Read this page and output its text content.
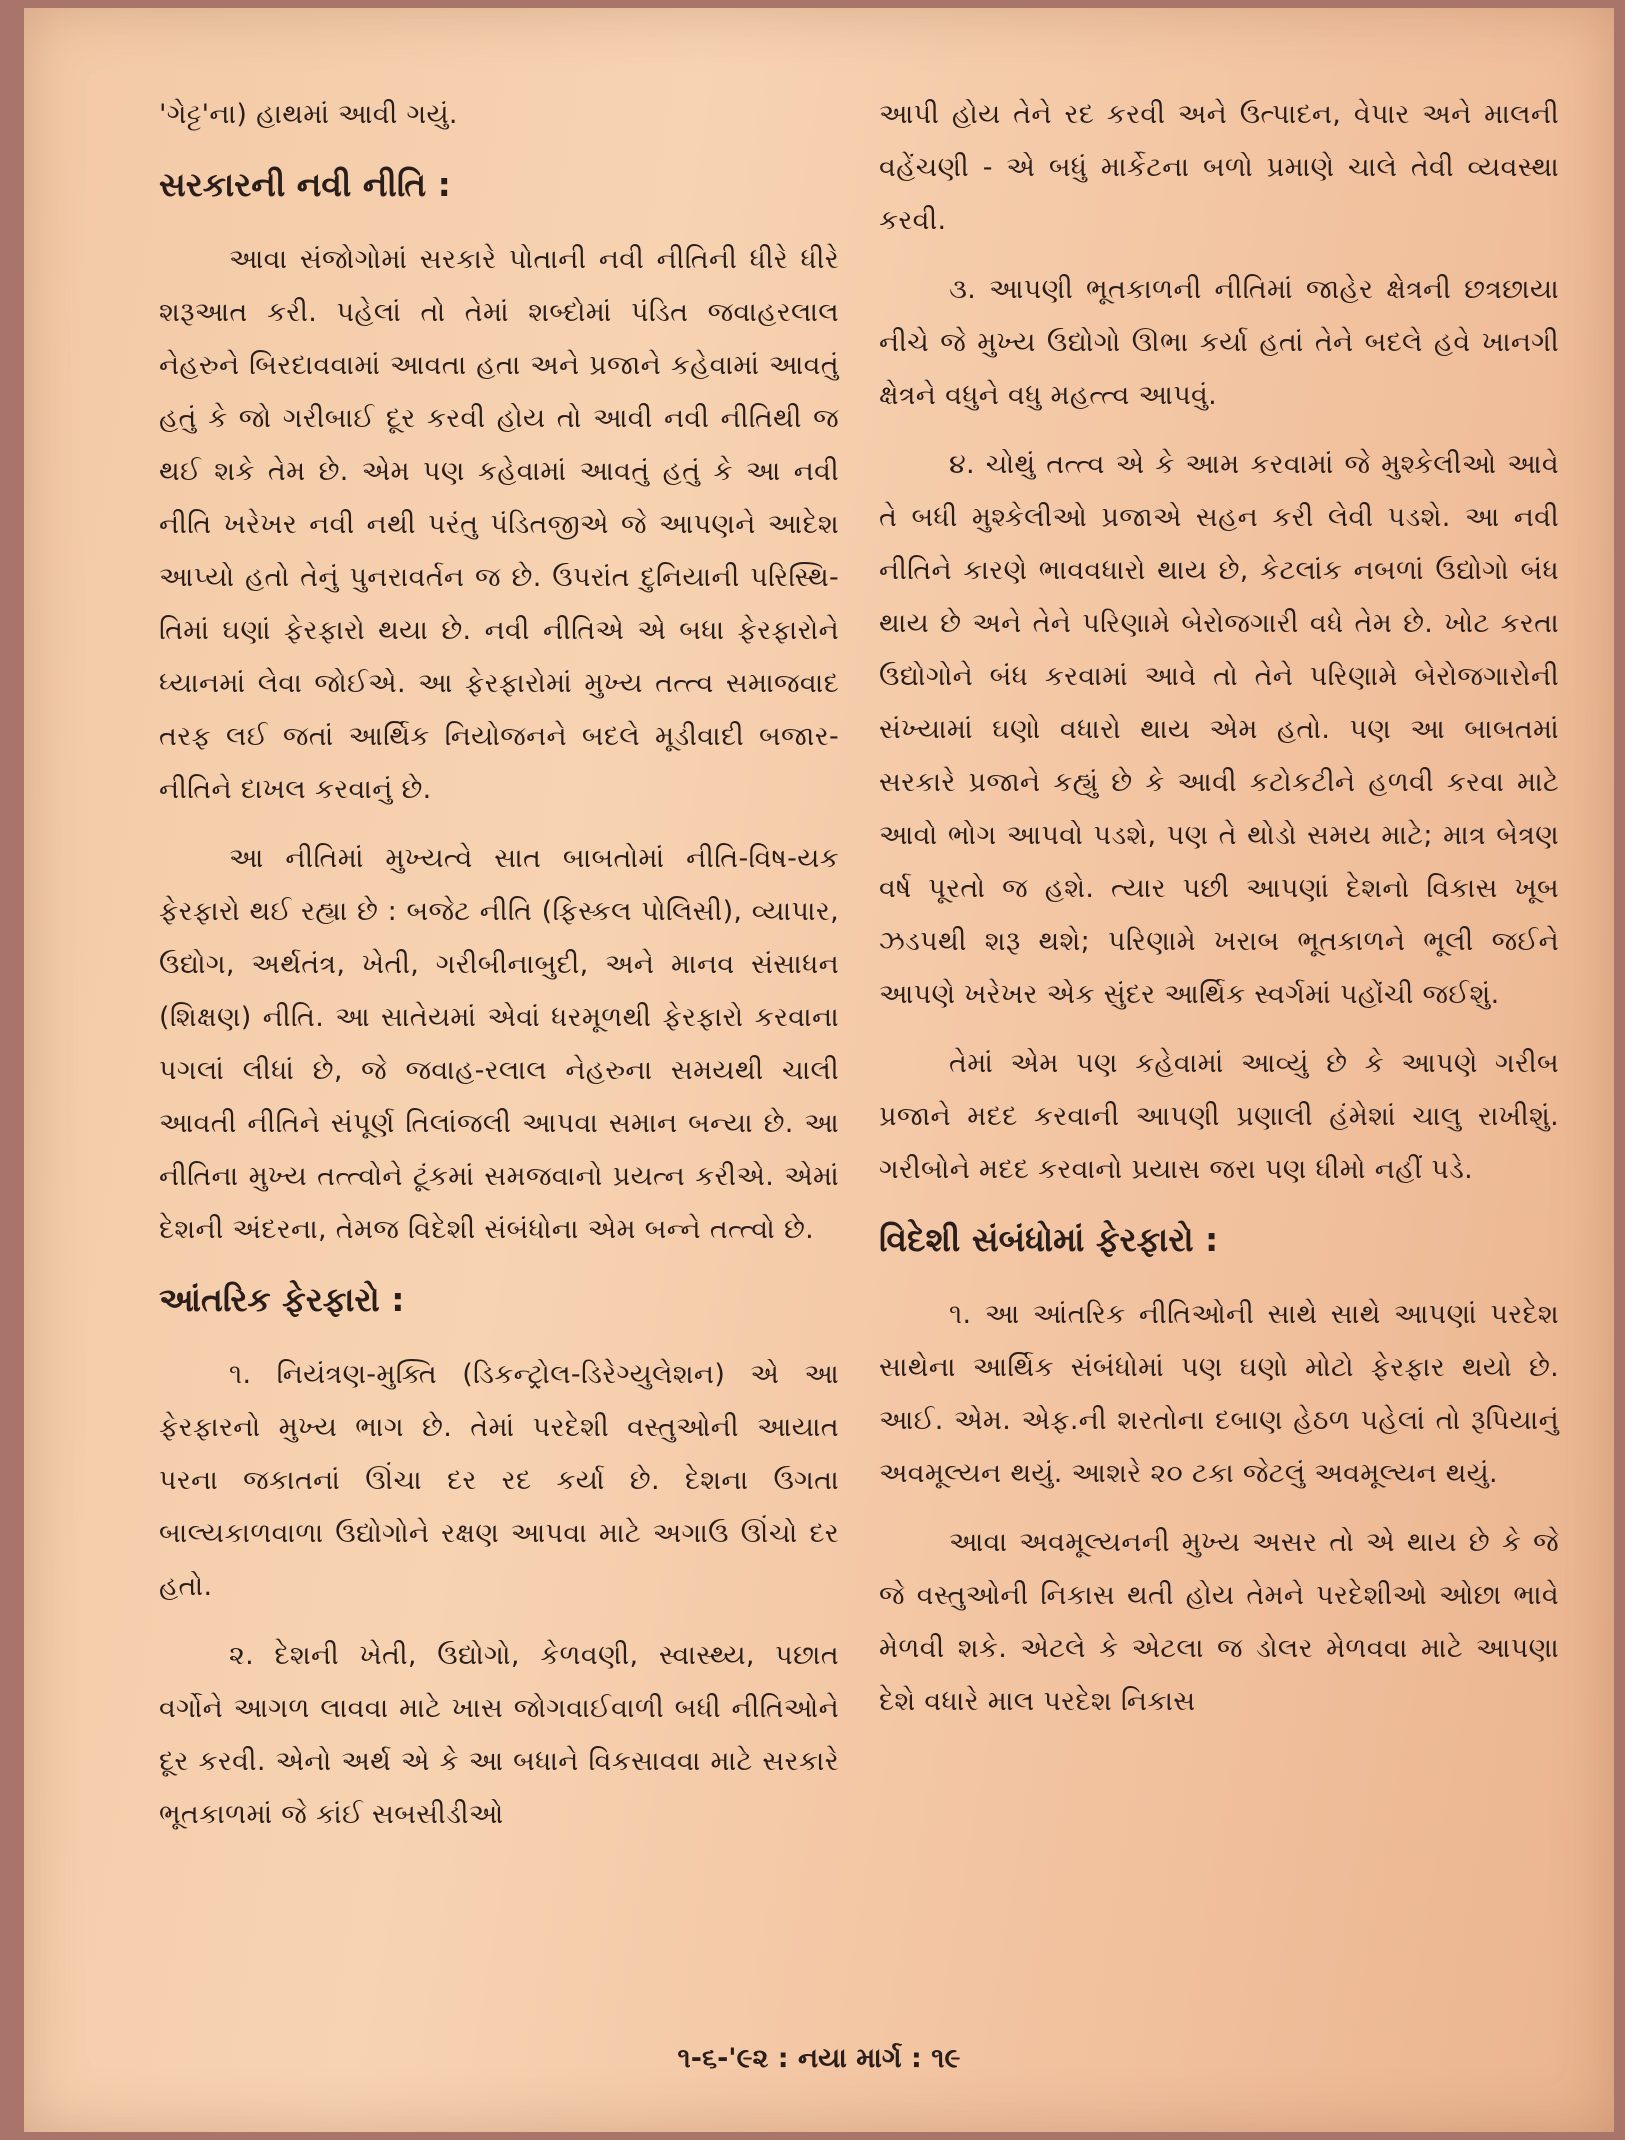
'ગેટ્ટ'ના) હાથમાં આવી ગયું.

સરકારની નવી નીતિ :

આવા સંજોગોમાં સરકારે પોતાની નવી નીતિની ધીરે ધીરે શરૂઆત કરી. પહેલાં તો તેમાં શબ્દોમાં પંડિત જવાહરલાલ નેહરુને બિરદાવવામાં આવતા હતા અને પ્રજાને કહેવામાં આવતું હતું કે જો ગરીબાઈ દૂર કરવી હોય તો આવી નવી નીતિથી જ થઈ શકે તેમ છે. એમ પણ કહેવામાં આવતું હતું કે આ નવી નીતિ ખરેખર નવી નથી પરંતુ પંડિતજીએ જે આપણને આદેશ આપ્યો હતો તેનું પુનરાવર્તન જ છે. ઉપરાંત દુનિયાની પરિસ્થિ-તિમાં ઘણાં ફેરફારો થયા છે. નવી નીતિએ એ બધા ફેરફારોને ધ્યાનમાં લેવા જોઈએ. આ ફેરફારોમાં મુખ્ય તત્ત્વ સમાજવાદ તરફ લઈ જતાં આર્થિક નિયોજનને બદલે મૂડીવાદી બજાર-નીતિને દાખલ કરવાનું છે.

આ નીતિમાં મુખ્યત્વે સાત બાબતોમાં નીતિ-વિષ-યક ફેરફારો થઈ રહ્યા છે : બજેટ નીતિ (ફિસ્કલ પોલિસી), વ્યાપાર, ઉદ્યોગ, અર્થતંત્ર, ખેતી, ગરીબીનાબુદી, અને માનવ સંસાધન (શિક્ષણ) નીતિ. આ સાતેયમાં એવાં ધરમૂળથી ફેરફારો કરવાના પગલાં લીધાં છે, જે જવાહ-રલાલ નેહરુના સમયથી ચાલી આવતી નીતિને સંપૂર્ણ તિલાંજલી આપવા સમાન બન્યા છે. આ નીતિના મુખ્ય તત્ત્વોને ટૂંકમાં સમજવાનો પ્રયત્ન કરીએ. એમાં દેશની અંદરના, તેમજ વિદેશી સંબંધોના એમ બન્ને તત્ત્વો છે.

આંતરિક ફેરફારો :

૧. નિયંત્રણ-મુક્તિ (ડિકન્ટ્રોલ-ડિરેગ્યુલેશન) એ આ ફેરફારનો મુખ્ય ભાગ છે. તેમાં પરદેશી વસ્તુઓની આયાત પરના જકાતનાં ઊંચા દર રદ કર્યા છે. દેશના ઉગતા બાલ્યકાળવાળા ઉદ્યોગોને રક્ષણ આપવા માટે અગાઉ ઊંચો દર હતો.

૨. દેશની ખેતી, ઉદ્યોગો, કેળવણી, સ્વાસ્થ્ય, પછાત વર્ગોને આગળ લાવવા માટે ખાસ જોગવાઈવાળી બધી નીતિઓને દૂર કરવી. એનો અર્થ એ કે આ બધાને વિકસાવવા માટે સરકારે ભૂતકાળમાં જે કાંઈ સબસીડીઓ

આપી હોય તેને રદ કરવી અને ઉત્પાદન, વેપાર અને માલની વહેંચણી - એ બધું માર્કેટના બળો પ્રમાણે ચાલે તેવી વ્યવસ્થા કરવી.

૩. આપણી ભૂતકાળની નીતિમાં જાહેર ક્ષેત્રની છત્રછાયા નીચે જે મુખ્ય ઉદ્યોગો ઊભા કર્યા હતાં તેને બદલે હવે ખાનગી ક્ષેત્રને વધુને વધુ મહત્ત્વ આપવું.

૪. ચોથું તત્ત્વ એ કે આમ કરવામાં જે મુશ્કેલીઓ આવે તે બધી મુશ્કેલીઓ પ્રજાએ સહન કરી લેવી પડશે. આ નવી નીતિને કારણે ભાવવધારો થાય છે, કેટલાંક નબળાં ઉદ્યોગો બંધ થાય છે અને તેને પરિણામે બેરોજગારી વધે તેમ છે. ખોટ કરતા ઉદ્યોગોને બંધ કરવામાં આવે તો તેને પરિણામે બેરોજગારોની સંખ્યામાં ઘણો વધારો થાય એમ હતો. પણ આ બાબતમાં સરકારે પ્રજાને કહ્યું છે કે આવી કટોકટીને હળવી કરવા માટે આવો ભોગ આપવો પડશે, પણ તે થોડો સમય માટે; માત્ર બેત્રણ વર્ષ પૂરતો જ હશે. ત્યાર પછી આપણાં દેશનો વિકાસ ખૂબ ઝડપથી શરૂ થશે; પરિણામે ખરાબ ભૂતકાળને ભૂલી જઈને આપણે ખરેખર એક સુંદર આર્થિક સ્વર્ગમાં પહોંચી જઈશું.

તેમાં એમ પણ કહેવામાં આવ્યું છે કે આપણે ગરીબ પ્રજાને મદદ કરવાની આપણી પ્રણાલી હંમેશાં ચાલુ રાખીશું. ગરીબોને મદદ કરવાનો પ્રયાસ જરા પણ ધીમો નહીં પડે.

વિદેશી સંબંધોમાં ફેરફારો :

૧. આ આંતરિક નીતિઓની સાથે સાથે આપણાં પરદેશ સાથેના આર્થિક સંબંધોમાં પણ ઘણો મોટો ફેરફાર થયો છે. આઈ. એમ. એફ.ની શરતોના દબાણ હેઠળ પહેલાં તો રૂપિયાનું અવમૂલ્યન થયું. આશરે ૨૦ ટકા જેટલું અવમૂલ્યન થયું.

આવા અવમૂલ્યનની મુખ્ય અસર તો એ થાય છે કે જે જે વસ્તુઓની નિકાસ થતી હોય તેમને પરદેશીઓ ઓછા ભાવે મેળવી શકે. એટલે કે એટલા જ ડોલર મેળવવા માટે આપણા દેશે વધારે માલ પરદેશ નિકાસ

૧-૬-'૯૨ : નયા માર્ગ : ૧૯
